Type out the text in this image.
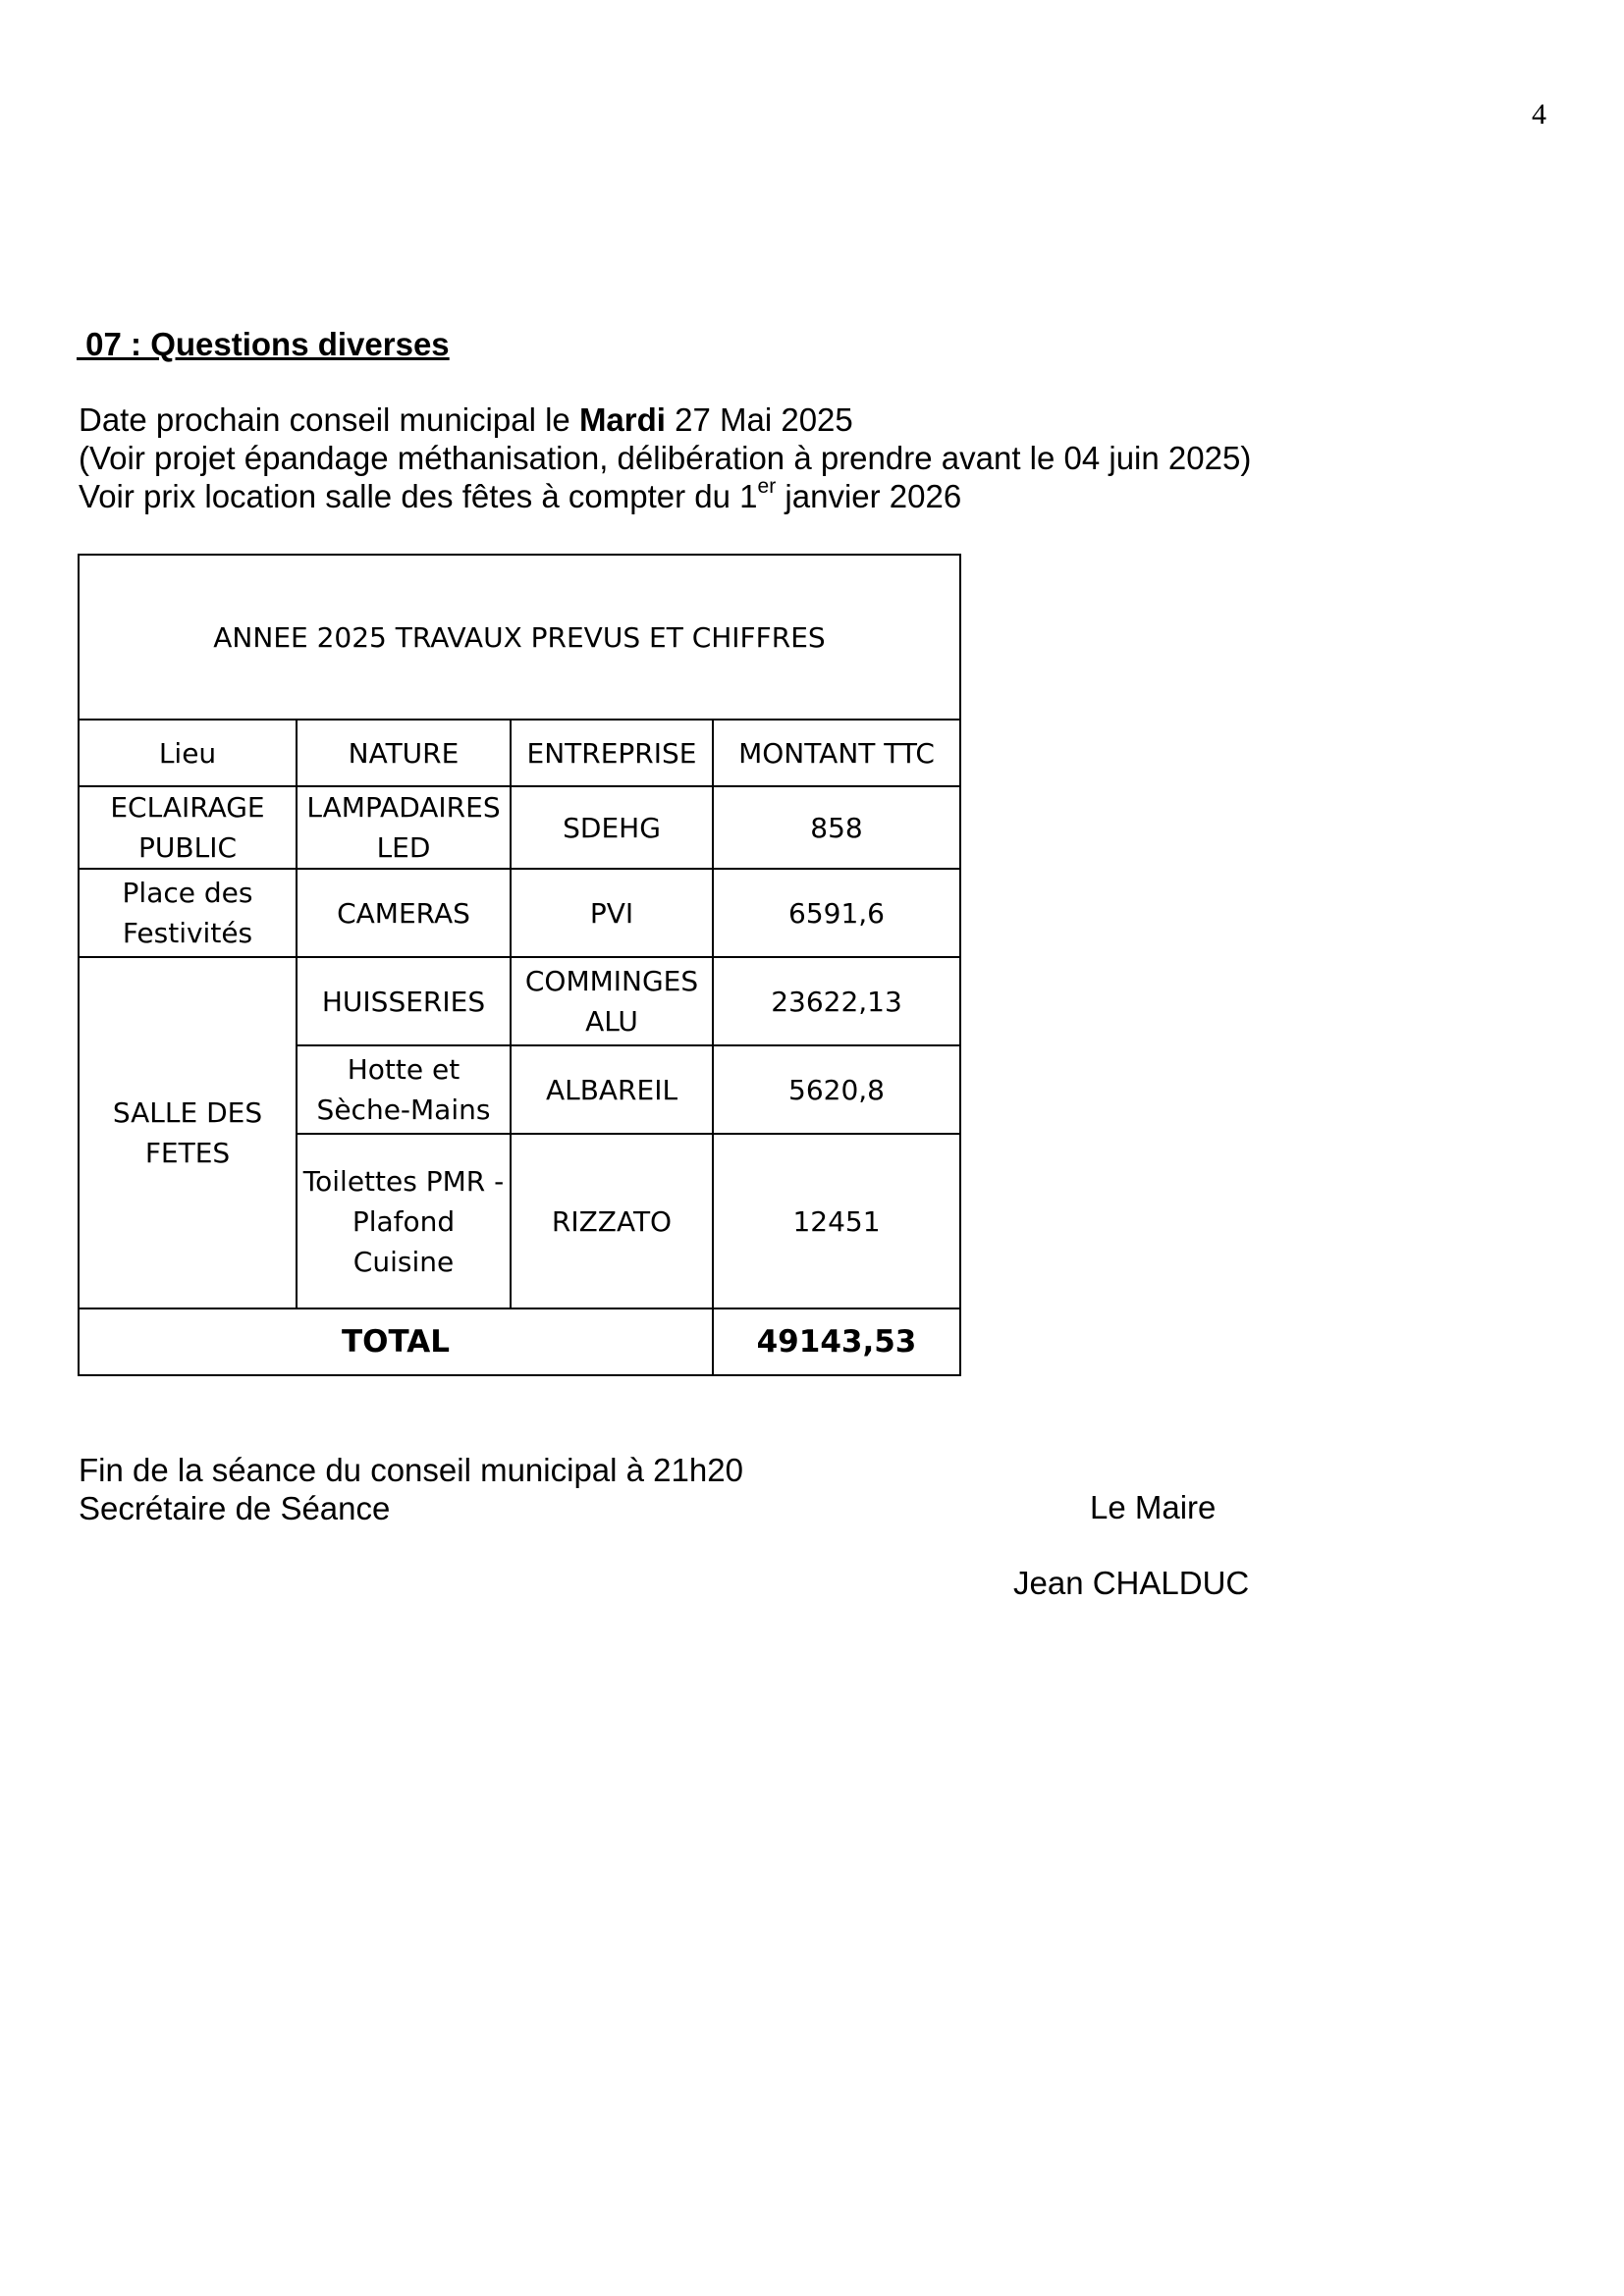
4
07 : Questions diverses
Date prochain conseil municipal le Mardi 27 Mai 2025
(Voir projet épandage méthanisation, délibération à prendre avant le 04 juin 2025)
Voir prix location salle des fêtes à compter du 1er janvier 2026
ANNEE 2025 TRAVAUX PREVUS ET CHIFFRES			
Lieu	NATURE	ENTREPRISE	MONTANT TTC
ECLAIRAGE PUBLIC	LAMPADAIRES LED	SDEHG	858
Place des Festivités	CAMERAS	PVI	6591,6
SALLE DES FETES	HUISSERIES	COMMINGES ALU	23622,13
	Hotte et Sèche-Mains	ALBAREIL	5620,8
	Toilettes PMR - Plafond Cuisine	RIZZATO	12451
TOTAL			49143,53
Fin de la séance du conseil municipal à 21h20
Secrétaire de Séance	Le Maire
Jean CHALDUC
